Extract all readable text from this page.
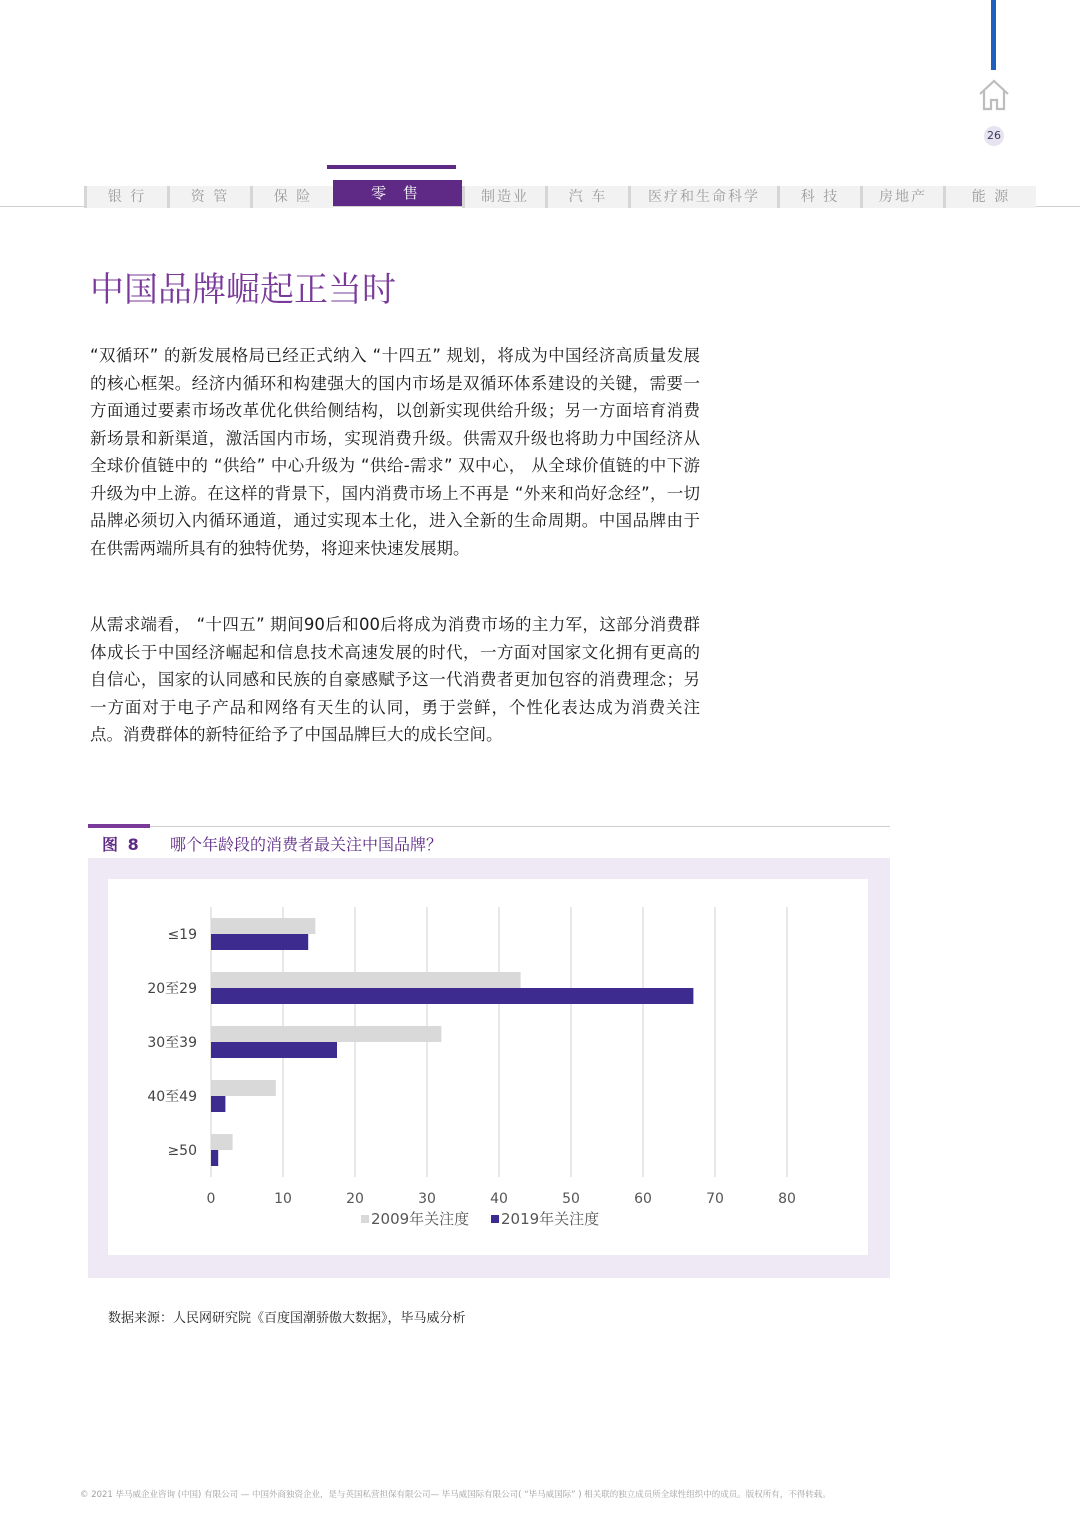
26
银 行	资 管	保 险	零 售	制造业	汽 车	医疗和生命科学	科 技	房地产	能 源
中国品牌崛起正当时

“双循环” 的新发展格局已经正式纳入 “十四五” 规划，将成为中国经济高质量发展的核心框架。经济内循环和构建强大的国内市场是双循环体系建设的关键，需要一方面通过要素市场改革优化供给侧结构，以创新实现供给升级；另一方面培育消费新场景和新渠道，激活国内市场，实现消费升级。供需双升级也将助力中国经济从全球价值链中的 “供给” 中心升级为 “供给-需求” 双中心， 从全球价值链的中下游升级为中上游。在这样的背景下，国内消费市场上不再是 “外来和尚好念经”，一切品牌必须切入内循环通道，通过实现本土化，进入全新的生命周期。中国品牌由于在供需两端所具有的独特优势，将迎来快速发展期。

从需求端看， “十四五” 期间90后和00后将成为消费市场的主力军，这部分消费群体成长于中国经济崛起和信息技术高速发展的时代，一方面对国家文化拥有更高的自信心，国家的认同感和民族的自豪感赋予这一代消费者更加包容的消费理念；另一方面对于电子产品和网络有天生的认同，勇于尝鲜，个性化表达成为消费关注点。消费群体的新特征给予了中国品牌巨大的成长空间。

图 8 哪个年龄段的消费者最关注中国品牌？
0	10	20	30	40	50	60	70	80
≤19
20至29
30至39
40至49
≥50
2009年关注度 2019年关注度
数据来源：人民网研究院《百度国潮骄傲大数据》，毕马威分析
© 2021 毕马威企业咨询 (中国) 有限公司 — 中国外商独资企业，是与英国私营担保有限公司— 毕马威国际有限公司( “毕马威国际” ) 相关联的独立成员所全球性组织中的成员。版权所有，不得转载。
